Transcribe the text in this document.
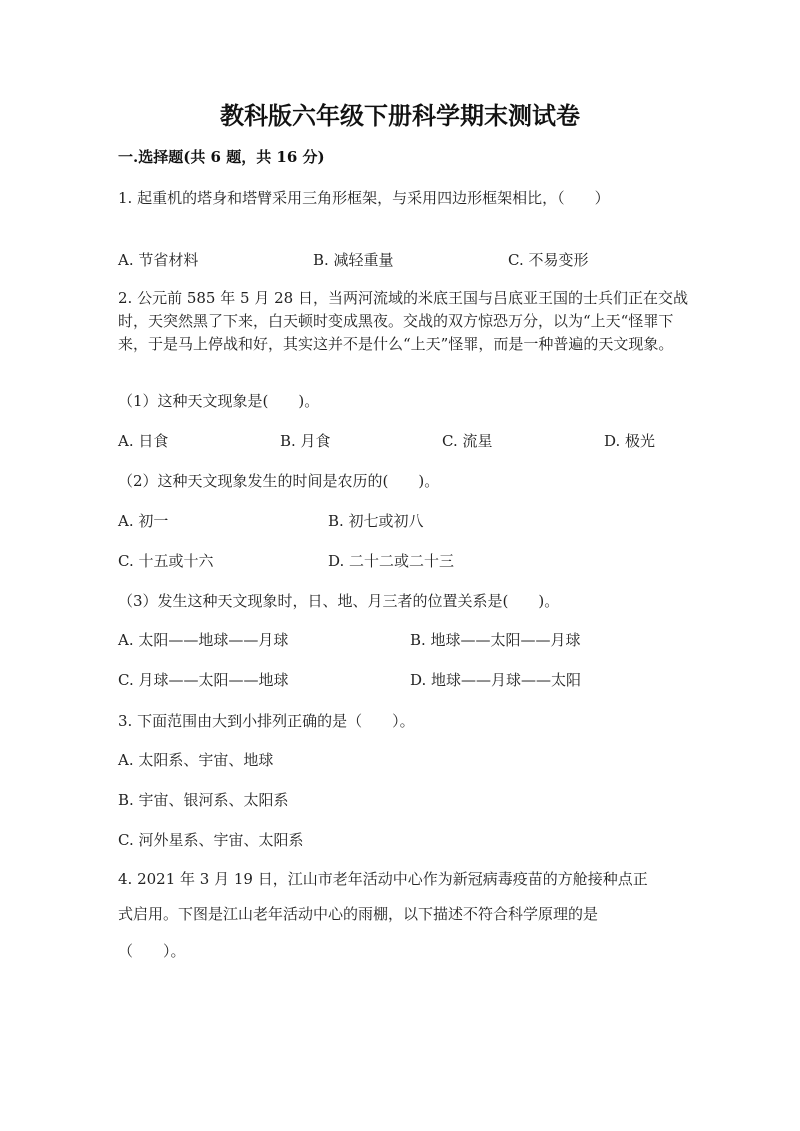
教科版六年级下册科学期末测试卷
一.选择题(共 6 题，共 16 分)
1. 起重机的塔身和塔臂采用三角形框架，与采用四边形框架相比，（　　）
A. 节省材料	B. 减轻重量	C. 不易变形
2. 公元前 585 年 5 月 28 日，当两河流域的米底王国与吕底亚王国的士兵们正在交战时，天突然黑了下来，白天顿时变成黑夜。交战的双方惊恐万分，以为“上天“怪罪下来，于是马上停战和好，其实这并不是什么“上天”怪罪，而是一种普遍的天文现象。
（1）这种天文现象是(　　)。
A. 日食	B. 月食	C. 流星	D. 极光
（2）这种天文现象发生的时间是农历的(　　)。
A. 初一	B. 初七或初八
C. 十五或十六	D. 二十二或二十三
（3）发生这种天文现象时，日、地、月三者的位置关系是(　　)。
A. 太阳——地球——月球	B. 地球——太阳——月球
C. 月球——太阳——地球	D. 地球——月球——太阳
3. 下面范围由大到小排列正确的是（　　）。
A. 太阳系、宇宙、地球
B. 宇宙、银河系、太阳系
C. 河外星系、宇宙、太阳系
4. 2021 年 3 月 19 日，江山市老年活动中心作为新冠病毒疫苗的方舱接种点正
式启用。下图是江山老年活动中心的雨棚，以下描述不符合科学原理的是
（　　）。
